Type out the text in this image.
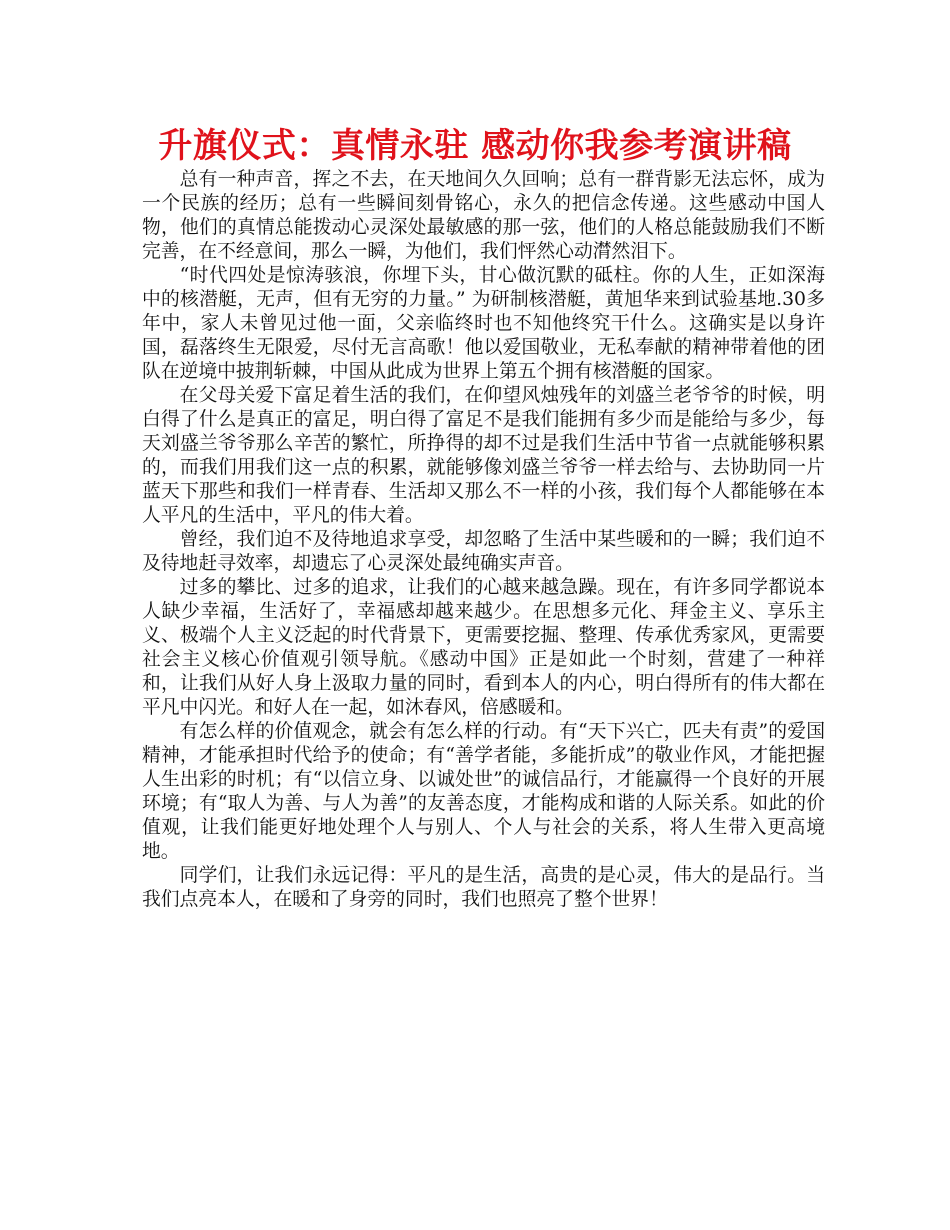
升旗仪式：真情永驻 感动你我参考演讲稿

总有一种声音，挥之不去，在天地间久久回响；总有一群背影无法忘怀，成为一个民族的经历；总有一些瞬间刻骨铭心，永久的把信念传递。这些感动中国人物，他们的真情总能拨动心灵深处最敏感的那一弦，他们的人格总能鼓励我们不断完善，在不经意间，那么一瞬，为他们，我们怦然心动潸然泪下。

“时代四处是惊涛骇浪，你埋下头，甘心做沉默的砥柱。你的人生，正如深海中的核潜艇，无声，但有无穷的力量。” 为研制核潜艇，黄旭华来到试验基地.30多年中，家人未曾见过他一面，父亲临终时也不知他终究干什么。这确实是以身许国，磊落终生无限爱，尽付无言高歌！他以爱国敬业，无私奉献的精神带着他的团队在逆境中披荆斩棘，中国从此成为世界上第五个拥有核潜艇的国家。

在父母关爱下富足着生活的我们，在仰望风烛残年的刘盛兰老爷爷的时候，明白得了什么是真正的富足，明白得了富足不是我们能拥有多少而是能给与多少，每天刘盛兰爷爷那么辛苦的繁忙，所挣得的却不过是我们生活中节省一点就能够积累的，而我们用我们这一点的积累，就能够像刘盛兰爷爷一样去给与、去协助同一片蓝天下那些和我们一样青春、生活却又那么不一样的小孩，我们每个人都能够在本人平凡的生活中，平凡的伟大着。

曾经，我们迫不及待地追求享受，却忽略了生活中某些暖和的一瞬；我们迫不及待地赶寻效率，却遗忘了心灵深处最纯确实声音。

过多的攀比、过多的追求，让我们的心越来越急躁。现在，有许多同学都说本人缺少幸福，生活好了，幸福感却越来越少。在思想多元化、拜金主义、享乐主义、极端个人主义泛起的时代背景下，更需要挖掘、整理、传承优秀家风，更需要社会主义核心价值观引领导航。《感动中国》正是如此一个时刻，营建了一种祥和，让我们从好人身上汲取力量的同时，看到本人的内心，明白得所有的伟大都在平凡中闪光。和好人在一起，如沐春风，倍感暖和。

有怎么样的价值观念，就会有怎么样的行动。有“天下兴亡，匹夫有责”的爱国精神，才能承担时代给予的使命；有“善学者能，多能折成”的敬业作风，才能把握人生出彩的时机；有“以信立身、以诚处世”的诚信品行，才能赢得一个良好的开展环境；有“取人为善、与人为善”的友善态度，才能构成和谐的人际关系。如此的价值观，让我们能更好地处理个人与别人、个人与社会的关系，将人生带入更高境地。

同学们，让我们永远记得：平凡的是生活，高贵的是心灵，伟大的是品行。当我们点亮本人，在暖和了身旁的同时，我们也照亮了整个世界！
